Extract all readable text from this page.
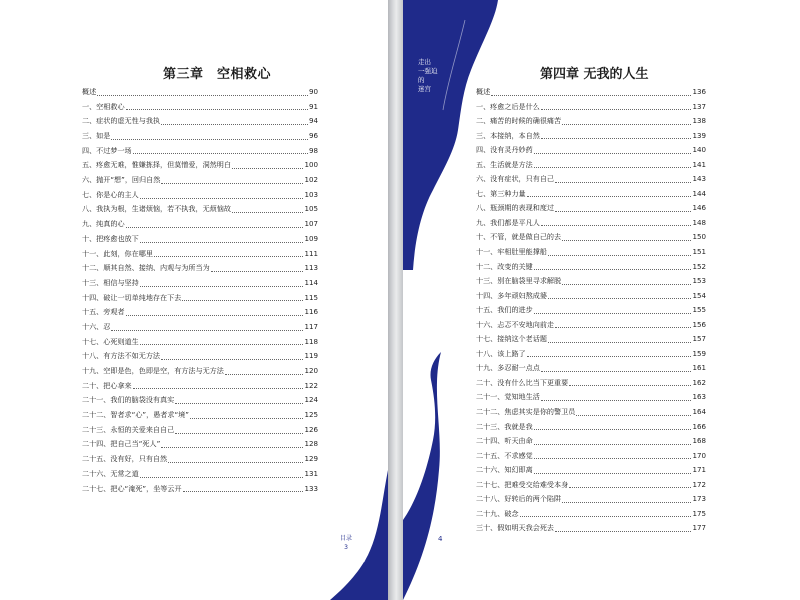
第三章　空相救心
概述	90
一、空相救心	91
二、症状的虚无性与我执	94
三、如是	96
四、不过梦一场	98
五、疼愈无难，惟嫌拣择，但莫憎爱，洞然明白	100
六、抛开“想”，回归自然	102
七、你是心的主人	103
八、我执为根，生诸烦恼，若不执我，无烦恼故	105
九、纯真的心	107
十、把疼愈也放下	109
十一、此刻，你在哪里	111
十二、顺其自然、接纳、内观与为所当为	113
十三、相信与坚持	114
十四、破让一切单纯地存在下去	115
十五、旁观者	116
十六、忍	117
十七、心死则道生	118
十八、有方法不如无方法	119
十九、空即是色，色即是空，有方法与无方法	120
二十、把心拿来	122
二十一、我们的脑袋没有真实	124
二十二、智者求“心”，愚者求“境”	125
二十三、永恒的关爱来自自己	126
二十四、把自己当“死人”	128
二十五、没有好，只有自然	129
二十六、无常之道	131
二十七、把心“淹死”，坐等云开	133
目录　3
走出
一强迫
的
迷宫
第四章 无我的人生
概述	136
一、疼愈之后是什么	137
二、痛苦的时候的确很痛苦	138
三、本接纳，本自然	139
四、没有灵丹妙药	140
五、生活就是方法	141
六、没有症状，只有自己	143
七、第三种力量	144
八、瓶颈期的表现和度过	146
九、我们都是平凡人	148
十、不管，就是做自己的去	150
十一、牢相肚里能撑船	151
十二、改变的关键	152
十三、别在脑袋里寻求解脱	153
十四、多年顽妇熬成婆	154
十五、我们的进步	155
十六、忐忑不安地向前走	156
十七、接纳这个老话题	157
十八、该上路了	159
十九、多忍耐一点点	161
二十、没有什么比当下更重要	162
二十一、觉知地生活	163
二十二、焦虑其实是你的警卫员	164
二十三、我就是我	166
二十四、听天由命	168
二十五、不求感觉	170
二十六、知幻即离	171
二十七、把难受交给难受本身	172
二十八、好转后的两个陷阱	173
二十九、破念	175
三十、假如明天我会死去	177
4
